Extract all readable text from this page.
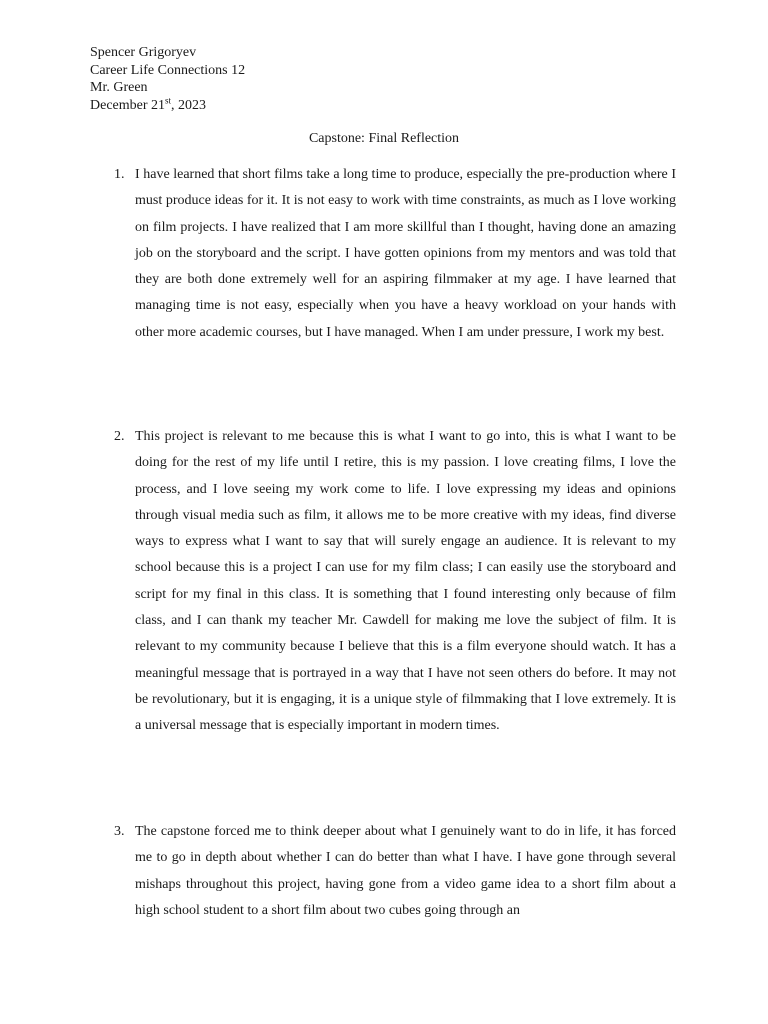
Spencer Grigoryev
Career Life Connections 12
Mr. Green
December 21st, 2023
Capstone: Final Reflection
1. I have learned that short films take a long time to produce, especially the pre-production where I must produce ideas for it. It is not easy to work with time constraints, as much as I love working on film projects. I have realized that I am more skillful than I thought, having done an amazing job on the storyboard and the script. I have gotten opinions from my mentors and was told that they are both done extremely well for an aspiring filmmaker at my age. I have learned that managing time is not easy, especially when you have a heavy workload on your hands with other more academic courses, but I have managed. When I am under pressure, I work my best.

2. This project is relevant to me because this is what I want to go into, this is what I want to be doing for the rest of my life until I retire, this is my passion. I love creating films, I love the process, and I love seeing my work come to life. I love expressing my ideas and opinions through visual media such as film, it allows me to be more creative with my ideas, find diverse ways to express what I want to say that will surely engage an audience. It is relevant to my school because this is a project I can use for my film class; I can easily use the storyboard and script for my final in this class. It is something that I found interesting only because of film class, and I can thank my teacher Mr. Cawdell for making me love the subject of film. It is relevant to my community because I believe that this is a film everyone should watch. It has a meaningful message that is portrayed in a way that I have not seen others do before. It may not be revolutionary, but it is engaging, it is a unique style of filmmaking that I love extremely. It is a universal message that is especially important in modern times.

3. The capstone forced me to think deeper about what I genuinely want to do in life, it has forced me to go in depth about whether I can do better than what I have. I have gone through several mishaps throughout this project, having gone from a video game idea to a short film about a high school student to a short film about two cubes going through an
